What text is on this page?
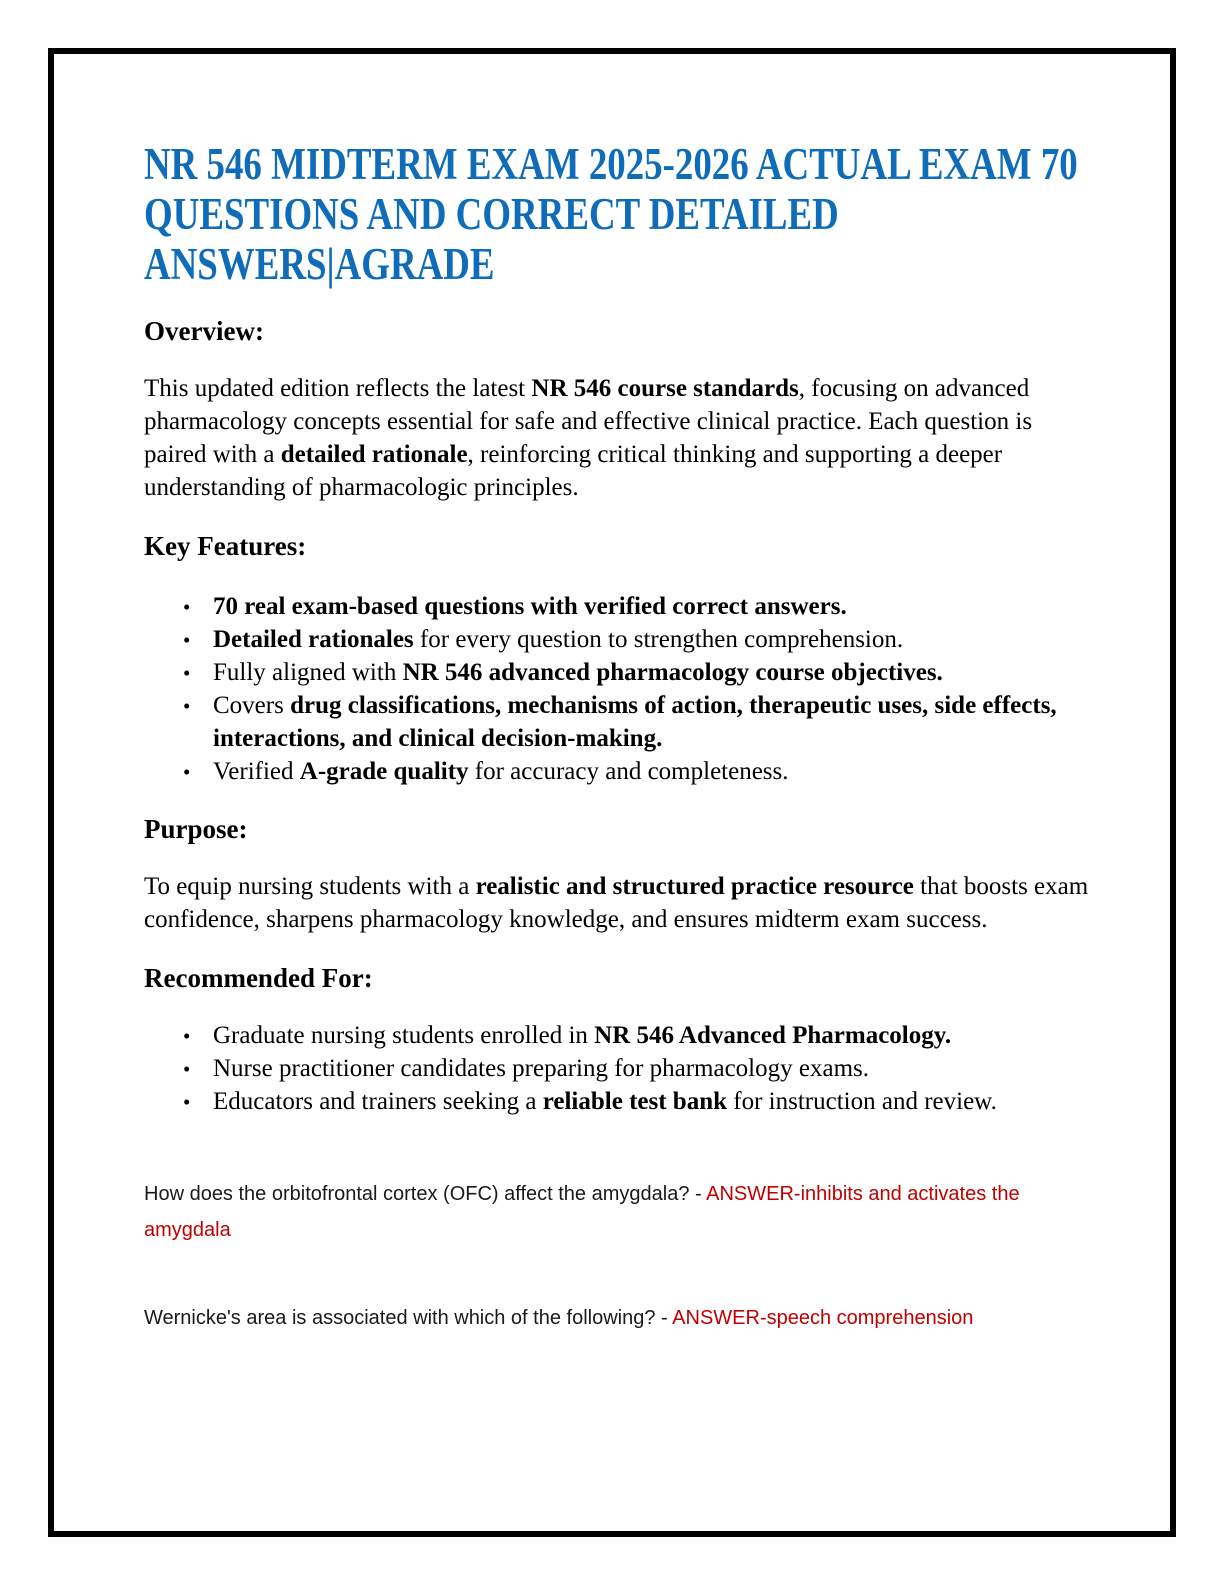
NR 546 MIDTERM EXAM 2025-2026 ACTUAL EXAM 70
QUESTIONS AND CORRECT DETAILED
ANSWERS|AGRADE
Overview:

This updated edition reflects the latest NR 546 course standards, focusing on advanced pharmacology concepts essential for safe and effective clinical practice. Each question is paired with a detailed rationale, reinforcing critical thinking and supporting a deeper understanding of pharmacologic principles.

Key Features:
• 70 real exam-based questions with verified correct answers.
• Detailed rationales for every question to strengthen comprehension.
• Fully aligned with NR 546 advanced pharmacology course objectives.
• Covers drug classifications, mechanisms of action, therapeutic uses, side effects, interactions, and clinical decision-making.
• Verified A-grade quality for accuracy and completeness.
Purpose:

To equip nursing students with a realistic and structured practice resource that boosts exam confidence, sharpens pharmacology knowledge, and ensures midterm exam success.

Recommended For:
• Graduate nursing students enrolled in NR 546 Advanced Pharmacology.
• Nurse practitioner candidates preparing for pharmacology exams.
• Educators and trainers seeking a reliable test bank for instruction and review.
How does the orbitofrontal cortex (OFC) affect the amygdala? - ANSWER-inhibits and activates the amygdala
Wernicke's area is associated with which of the following? - ANSWER-speech comprehension
